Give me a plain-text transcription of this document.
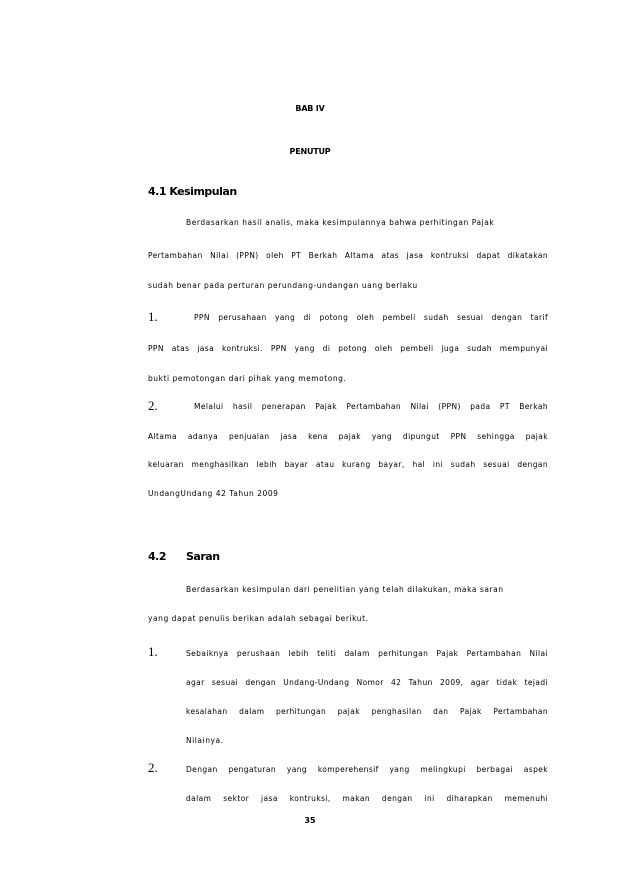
BAB IV
PENUTUP
4.1 Kesimpulan
Berdasarkan hasil analis, maka kesimpulannya bahwa perhitingan Pajak
Pertambahan Nilai (PPN) oleh PT Berkah Altama atas jasa kontruksi dapat dikatakan
sudah benar pada perturan perundang-undangan uang berlaku
1.	PPN perusahaan yang di potong oleh pembeli sudah sesuai dengan tarif
PPN atas jasa kontruksi. PPN yang di potong oleh pembeli juga sudah mempunyai
bukti pemotongan dari pihak yang memotong.
2.	Melalui hasil penerapan Pajak Pertambahan Nilai (PPN) pada PT Berkah
Altama adanya penjualan jasa kena pajak yang dipungut PPN sehingga pajak
keluaran menghasilkan lebih bayar atau kurang bayar, hal ini sudah sesuai dengan
UndangUndang 42 Tahun 2009
4.2 Saran
Berdasarkan kesimpulan dari penelitian yang telah dilakukan, maka saran
yang dapat penulis berikan adalah sebagai berikut.
1.	Sebaiknya perushaan lebih teliti dalam perhitungan Pajak Pertambahan Nilai
agar sesuai dengan Undang-Undang Nomor 42 Tahun 2009, agar tidak tejadi
kesalahan dalam perhitungan pajak penghasilan dan Pajak Pertambahan
Nilainya.
2.	Dengan pengaturan yang komperehensif yang melingkupi berbagai aspek
dalam sektor jasa kontruksi, makan dengan ini diharapkan memenuhi
35
